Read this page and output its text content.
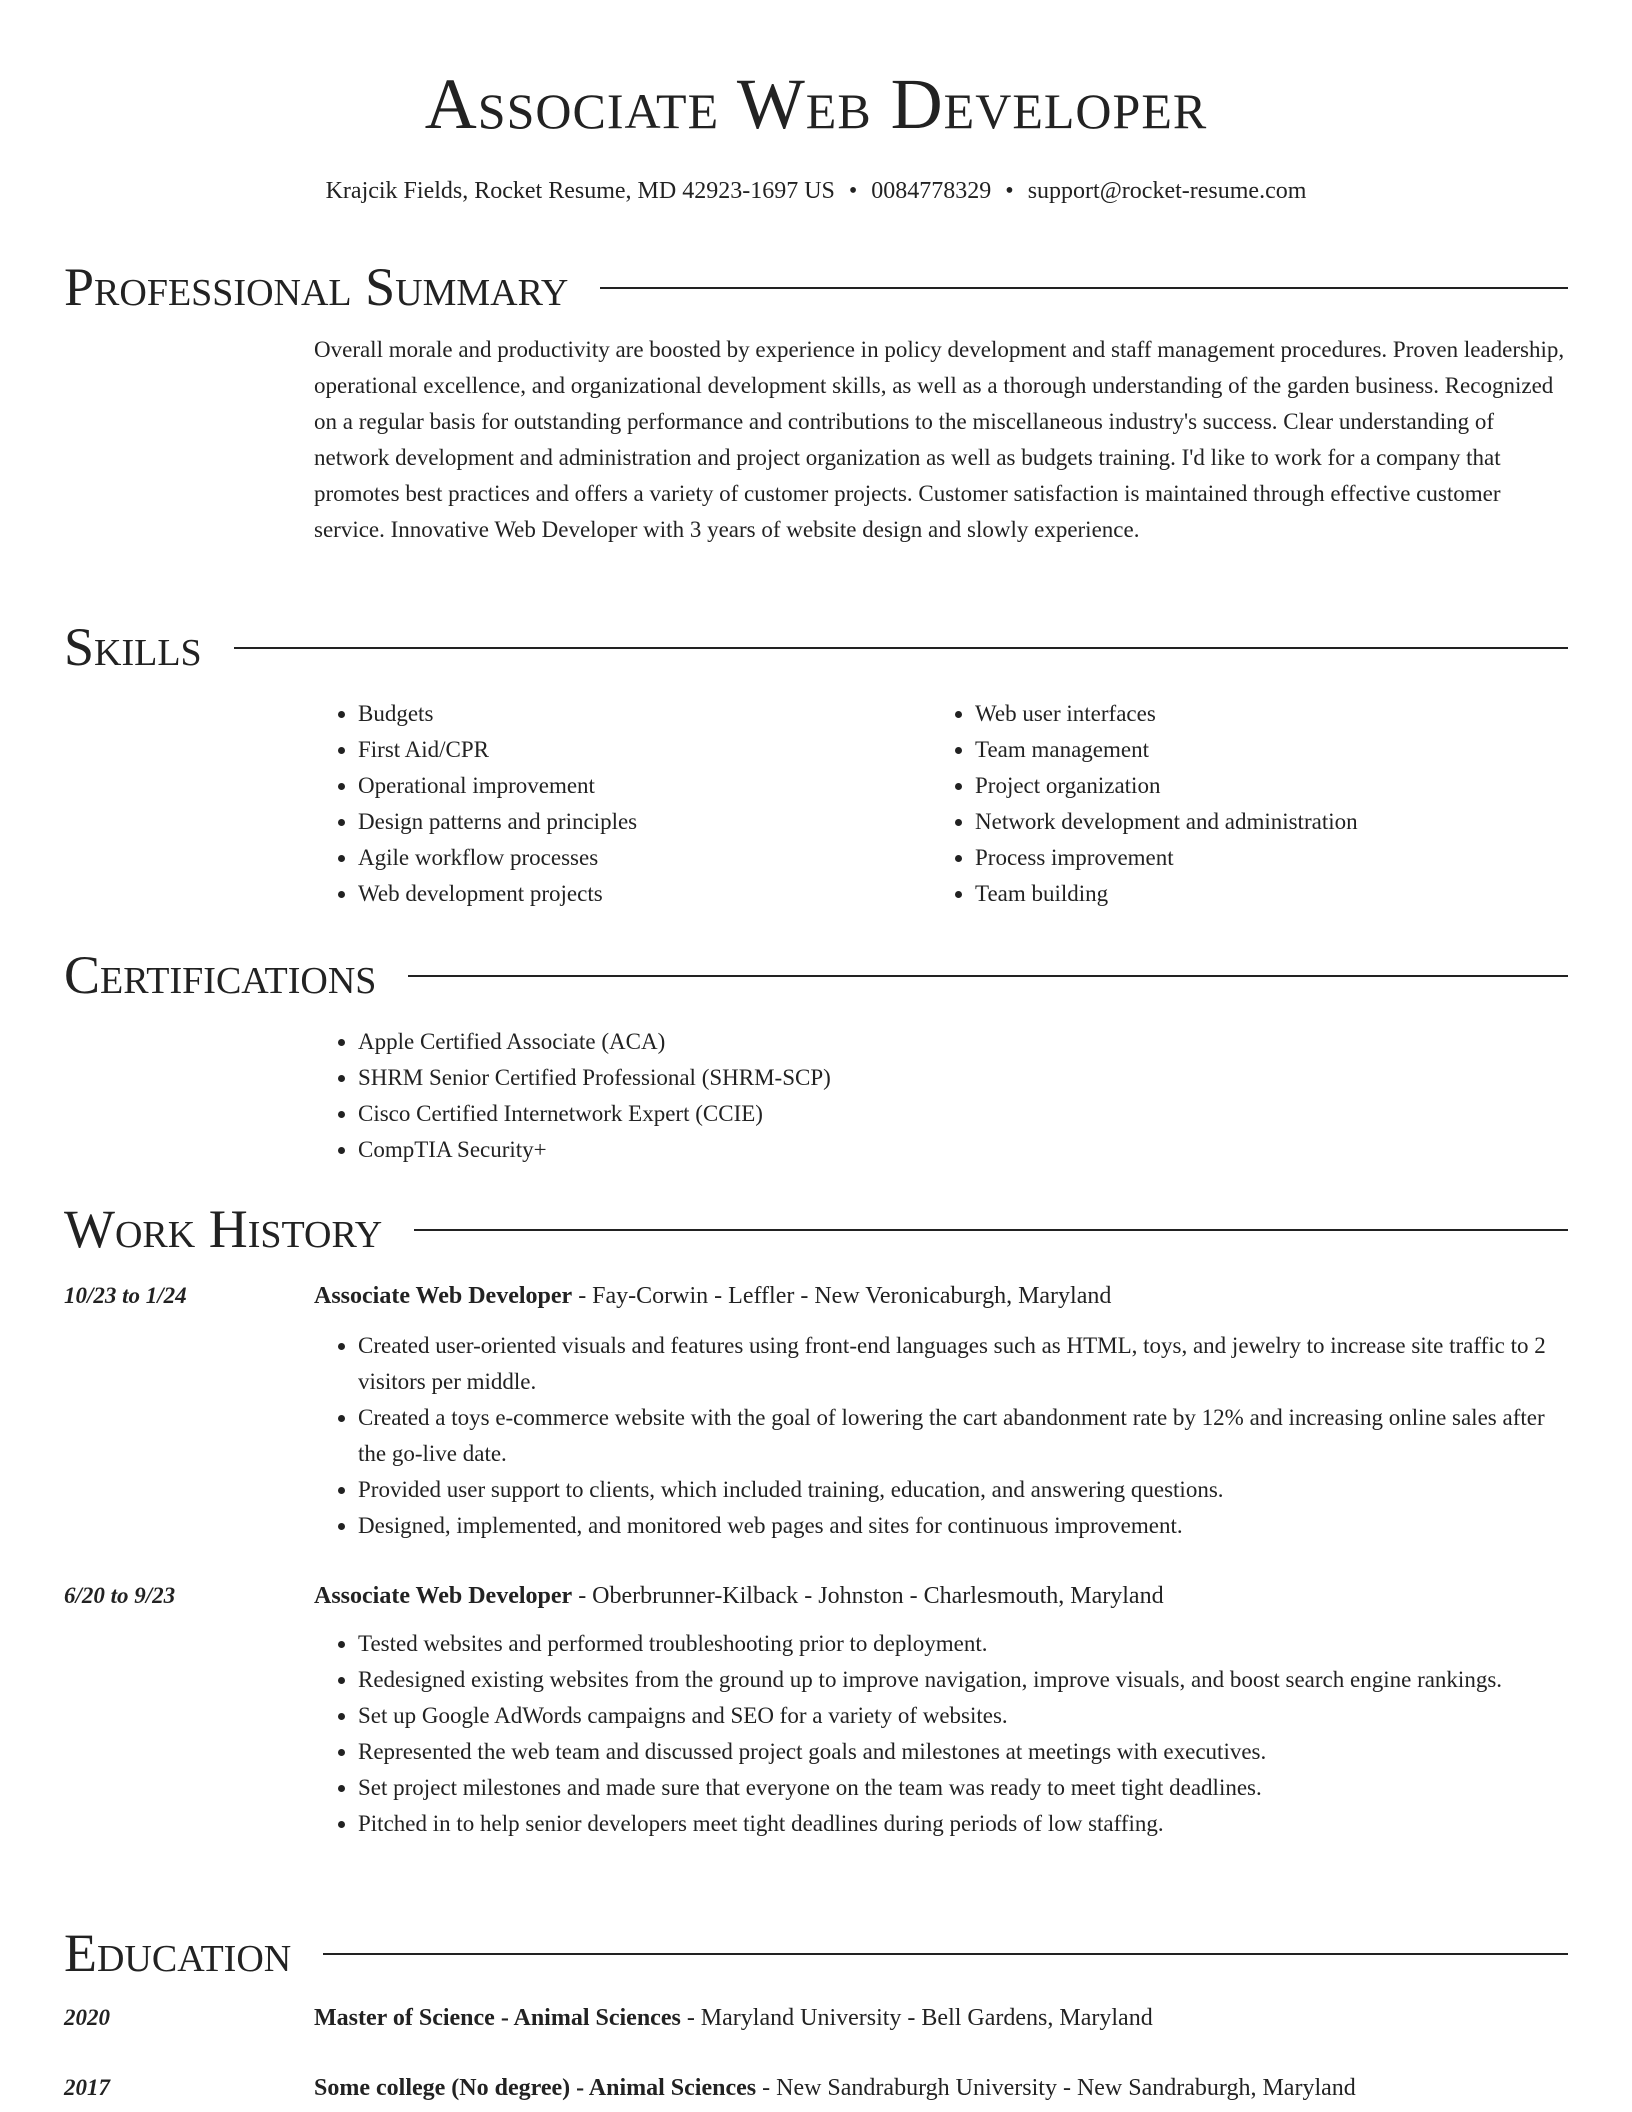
Associate Web Developer
Krajcik Fields, Rocket Resume, MD 42923-1697 US • 0084778329 • support@rocket-resume.com
Professional Summary
Overall morale and productivity are boosted by experience in policy development and staff management procedures. Proven leadership, operational excellence, and organizational development skills, as well as a thorough understanding of the garden business. Recognized on a regular basis for outstanding performance and contributions to the miscellaneous industry's success. Clear understanding of network development and administration and project organization as well as budgets training. I'd like to work for a company that promotes best practices and offers a variety of customer projects. Customer satisfaction is maintained through effective customer service. Innovative Web Developer with 3 years of website design and slowly experience.
Skills
• Budgets
• First Aid/CPR
• Operational improvement
• Design patterns and principles
• Agile workflow processes
• Web development projects
• Web user interfaces
• Team management
• Project organization
• Network development and administration
• Process improvement
• Team building
Certifications
• Apple Certified Associate (ACA)
• SHRM Senior Certified Professional (SHRM-SCP)
• Cisco Certified Internetwork Expert (CCIE)
• CompTIA Security+
Work History
10/23 to 1/24	Associate Web Developer - Fay-Corwin - Leffler - New Veronicaburgh, Maryland
• Created user-oriented visuals and features using front-end languages such as HTML, toys, and jewelry to increase site traffic to 2 visitors per middle.
• Created a toys e-commerce website with the goal of lowering the cart abandonment rate by 12% and increasing online sales after the go-live date.
• Provided user support to clients, which included training, education, and answering questions.
• Designed, implemented, and monitored web pages and sites for continuous improvement.
6/20 to 9/23	Associate Web Developer - Oberbrunner-Kilback - Johnston - Charlesmouth, Maryland
• Tested websites and performed troubleshooting prior to deployment.
• Redesigned existing websites from the ground up to improve navigation, improve visuals, and boost search engine rankings.
• Set up Google AdWords campaigns and SEO for a variety of websites.
• Represented the web team and discussed project goals and milestones at meetings with executives.
• Set project milestones and made sure that everyone on the team was ready to meet tight deadlines.
• Pitched in to help senior developers meet tight deadlines during periods of low staffing.
Education
2020	Master of Science - Animal Sciences - Maryland University - Bell Gardens, Maryland
2017	Some college (No degree) - Animal Sciences - New Sandraburgh University - New Sandraburgh, Maryland
